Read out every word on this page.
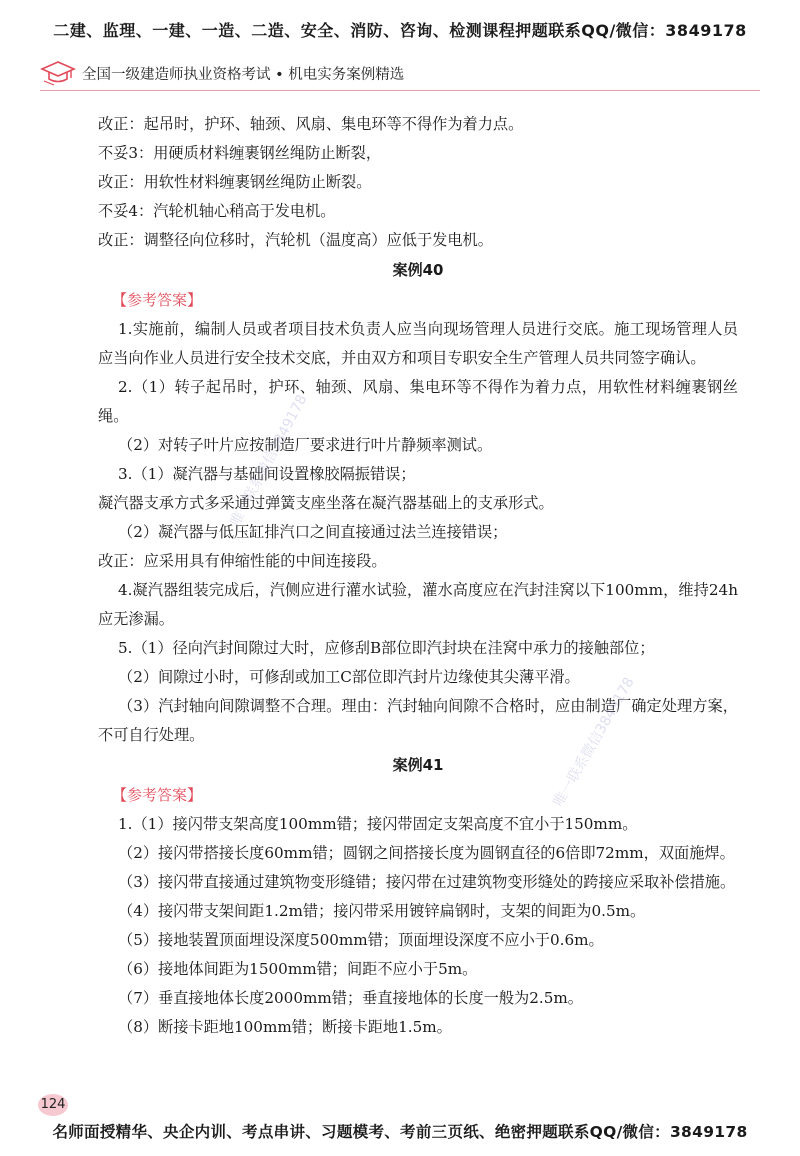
二建、监理、一建、一造、二造、安全、消防、咨询、检测课程押题联系QQ/微信：3849178
全国一级建造师执业资格考试 • 机电实务案例精选
改正：起吊时，护环、轴颈、风扇、集电环等不得作为着力点。
不妥3：用硬质材料缠裹钢丝绳防止断裂，
改正：用软性材料缠裹钢丝绳防止断裂。
不妥4：汽轮机轴心稍高于发电机。
改正：调整径向位移时，汽轮机（温度高）应低于发电机。
案例40
【参考答案】
1.实施前，编制人员或者项目技术负责人应当向现场管理人员进行交底。施工现场管理人员应当向作业人员进行安全技术交底，并由双方和项目专职安全生产管理人员共同签字确认。
2.（1）转子起吊时，护环、轴颈、风扇、集电环等不得作为着力点，用软性材料缠裹钢丝绳。
（2）对转子叶片应按制造厂要求进行叶片静频率测试。
3.（1）凝汽器与基础间设置橡胶隔振错误；
凝汽器支承方式多采通过弹簧支座坐落在凝汽器基础上的支承形式。
（2）凝汽器与低压缸排汽口之间直接通过法兰连接错误；
改正：应采用具有伸缩性能的中间连接段。
4.凝汽器组装完成后，汽侧应进行灌水试验，灌水高度应在汽封洼窝以下100mm，维持24h应无渗漏。
5.（1）径向汽封间隙过大时，应修刮B部位即汽封块在洼窝中承力的接触部位；
（2）间隙过小时，可修刮或加工C部位即汽封片边缘使其尖薄平滑。
（3）汽封轴向间隙调整不合理。理由：汽封轴向间隙不合格时，应由制造厂确定处理方案，不可自行处理。
案例41
【参考答案】
1.（1）接闪带支架高度100mm错；接闪带固定支架高度不宜小于150mm。
（2）接闪带搭接长度60mm错；圆钢之间搭接长度为圆钢直径的6倍即72mm，双面施焊。
（3）接闪带直接通过建筑物变形缝错；接闪带在过建筑物变形缝处的跨接应采取补偿措施。
（4）接闪带支架间距1.2m错；接闪带采用镀锌扁钢时，支架的间距为0.5m。
（5）接地装置顶面埋设深度500mm错；顶面埋设深度不应小于0.6m。
（6）接地体间距为1500mm错；间距不应小于5m。
（7）垂直接地体长度2000mm错；垂直接地体的长度一般为2.5m。
（8）断接卡距地100mm错；断接卡距地1.5m。
唯一联系微信3849178
唯一联系微信3849178
124
名师面授精华、央企内训、考点串讲、习题模考、考前三页纸、绝密押题联系QQ/微信：3849178
